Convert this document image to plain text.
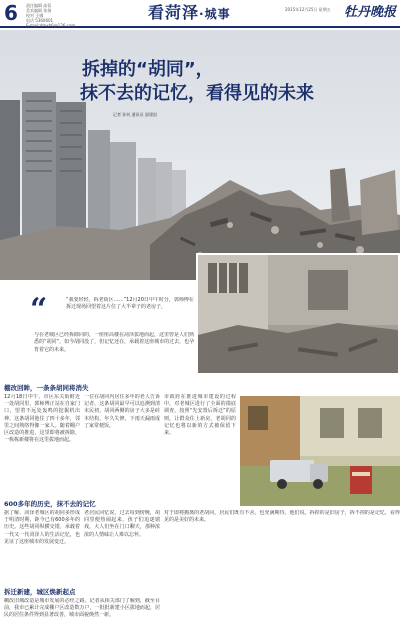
6	责任编辑 高蓉
美术编辑 张扬
校对 王娜
电话 5360601
E-mail:dmxb6@126.com
看菏泽·城事	2015年12月25日 星期五	牡丹晚报
拆掉的“胡同”，
抹不去的记忆，看得见的未来
记者 孙钊 通讯员 邵建国
“	“我要轻轻，拆老街区……”12月20日中午时分，郭师傅在拆迁现场回望着这片住了大半辈子的老房子，
与在老城区已经拆除同的，一座座高楼在菏泽拔地而起，这里曾是人们熟悉的“胡同”，如今胡同没了，但记忆还在，承载着这座城市的过去，也孕育着它的未来。
棚改回眸，一条条胡同将消失
12月18日中午，市区东关街附近一处胡同里，郭师傅正站在自家门口，望着不远处轰鸣的挖掘机出神。这条胡同他住了四十多年，邻里之间熟络得像一家人。随着棚户区改造的推进，这里即将被拆除，一栋栋新楼将在这里拔地而起。
一位在胡同内居住多年的老人告诉记者，这条胡同最早可以追溯到清末民初，胡同两侧的房子大多是砖木结构，年久失修，下雨天漏雨成了家常便饭。
市政府在推进城市建设的过程中，对老城区进行了全面的摸底调查，按照“先安置后拆迁”的原则，让群众住上新房，老胡同的记忆也将以新的方式被保留下来。
600多年的历史，抹不去的记忆
据了解，菏泽老城区的胡同多形成于明清时期，距今已有600多年的历史。这些胡同纵横交错，承载着一代又一代菏泽人的生活记忆，也见证了这座城市的发展变迁。
老居民回忆说，过去每到傍晚，胡同里便热闹起来，孩子们追逐嬉戏，大人们坐在门口聊天，那种浓浓的人情味让人难以忘怀。
拆迁新建，城区焕新起点
棚改旧城改造是城市发展的必经之路。记者从相关部门了解到，截至目前，我市已累计完成棚户区改造数万户，一批批新建小区拔地而起，居民的居住条件得到显著改善，城市面貌焕然一新。
对于即将搬离的老胡同，居民们既有不舍，也充满期待。他们说，拆掉的是旧房子，拆不掉的是记忆，看得见的是美好的未来。
